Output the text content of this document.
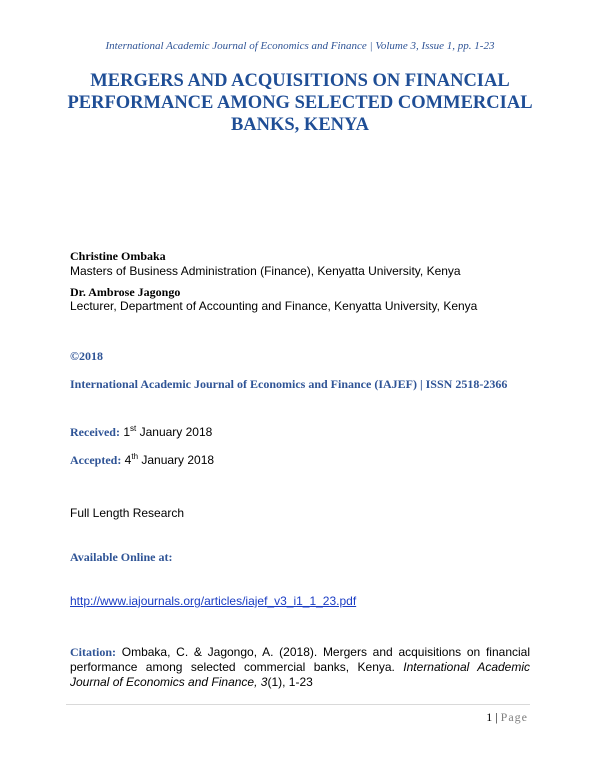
International Academic Journal of Economics and Finance | Volume 3, Issue 1, pp. 1-23
MERGERS AND ACQUISITIONS ON FINANCIAL
PERFORMANCE AMONG SELECTED COMMERCIAL
BANKS, KENYA
Christine Ombaka
Masters of Business Administration (Finance), Kenyatta University, Kenya
Dr. Ambrose Jagongo
Lecturer, Department of Accounting and Finance, Kenyatta University, Kenya
©2018
International Academic Journal of Economics and Finance (IAJEF) | ISSN 2518-2366
Received: 1st January 2018
Accepted: 4th January 2018
Full Length Research
Available Online at:
http://www.iajournals.org/articles/iajef_v3_i1_1_23.pdf
Citation: Ombaka, C. & Jagongo, A. (2018). Mergers and acquisitions on financial performance among selected commercial banks, Kenya. International Academic Journal of Economics and Finance, 3(1), 1-23
1 | Page
